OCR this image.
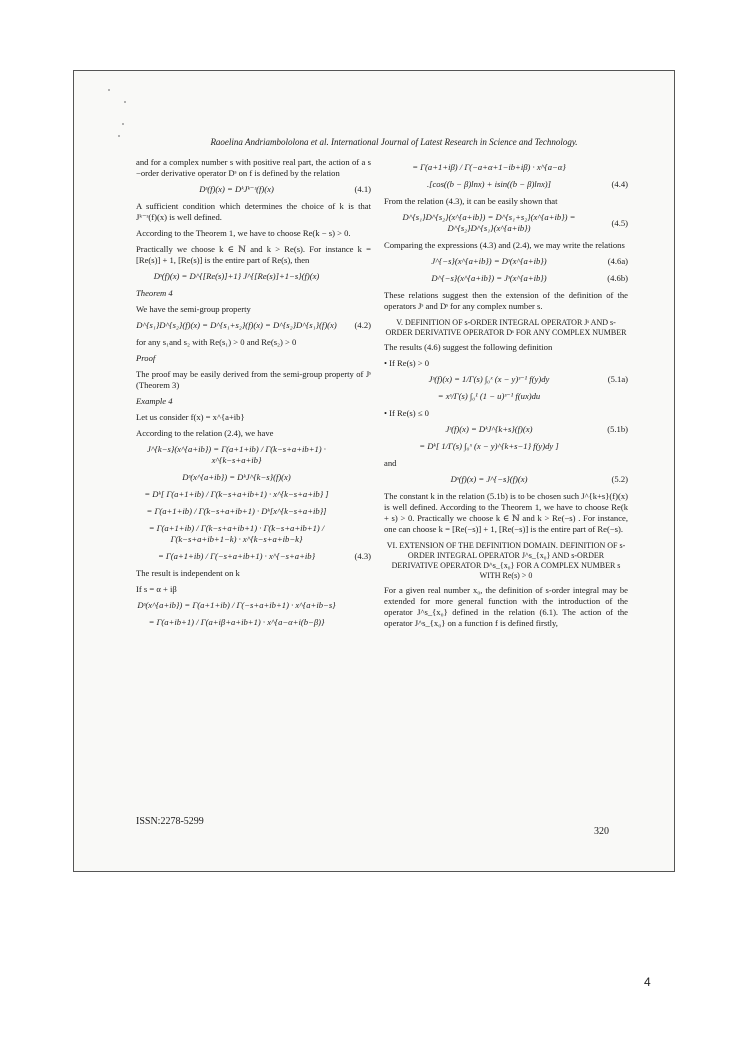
Raoelina Andriambololona et al. International Journal of Latest Research in Science and Technology.

and for a complex number s with positive real part, the action of a s −order derivative operator Dˢ on f is defined by the relation

Dˢ(f)(x) = DᵏJᵏ⁻ˢ(f)(x)	(4.1)

A sufficient condition which determines the choice of k is that Jᵏ⁻ˢ(f)(x) is well defined.

According to the Theorem 1, we have to choose Re(k − s) > 0.

Practically we choose k ∈ ℕ and k > Re(s). For instance k = [Re(s)] + 1, [Re(s)] is the entire part of Re(s), then

Dˢ(f)(x) = D^{[Re(s)]+1} J^{[Re(s)]+1−s}(f)(x)

Theorem 4

We have the semi-group property

D^{s₁}D^{s₂}(f)(x) = D^{s₁+s₂}(f)(x) = D^{s₂}D^{s₁}(f)(x)	(4.2)

for any s₁and s₂ with Re(s₁) > 0 and Re(s₂) > 0

Proof

The proof may be easily derived from the semi-group property of Jˢ (Theorem 3)

Example 4

Let us consider f(x) = x^{a+ib}

According to the relation (2.4), we have

J^{k−s}(x^{a+ib}) = Γ(a+1+ib) / Γ(k−s+a+ib+1) · x^{k−s+a+ib}
Dˢ(x^{a+ib}) = DᵏJ^{k−s}(f)(x)
= Dᵏ[ Γ(a+1+ib) / Γ(k−s+a+ib+1) · x^{k−s+a+ib} ]
= Γ(a+1+ib) / Γ(k−s+a+ib+1) · Dᵏ[x^{k−s+a+ib}]
= Γ(a+1+ib) / Γ(k−s+a+ib+1) · Γ(k−s+a+ib+1) / Γ(k−s+a+ib+1−k) · x^{k−s+a+ib−k}
= Γ(a+1+ib) / Γ(−s+a+ib+1) · x^{−s+a+ib}	(4.3)

The result is independent on k

If s = α + iβ

Dˢ(x^{a+ib}) = Γ(a+1+ib) / Γ(−s+a+ib+1) · x^{a+ib−s}
= Γ(a+ib+1) / Γ(a+iβ+a+ib+1) · x^{a−α+i(b−β)}
= Γ(a+1+iβ) / Γ(−a+α+1−ib+iβ) · x^{a−α}
.[cos((b − β)lnx) + isin((b − β)lnx)]	(4.4)

From the relation (4.3), it can be easily shown that

D^{s₁}D^{s₂}(x^{a+ib}) = D^{s₁+s₂}(x^{a+ib}) = D^{s₂}D^{s₁}(x^{a+ib})
(4.5)

Comparing the expressions (4.3) and (2.4), we may write the relations

J^{−s}(x^{a+ib}) = Dˢ(x^{a+ib})	(4.6a)
D^{−s}(x^{a+ib}) = Jˢ(x^{a+ib})	(4.6b)

These relations suggest then the extension of the definition of the operators Jˢ and Dˢ for any complex number s.

V. DEFINITION OF s-ORDER INTEGRAL OPERATOR Jˢ AND s-ORDER DERIVATIVE OPERATOR Dˢ FOR ANY COMPLEX NUMBER

The results (4.6) suggest the following definition

• If Re(s) > 0

Jˢ(f)(x) = 1/Γ(s) ∫₀ˣ (x − y)ˢ⁻¹ f(y)dy	(5.1a)
= xˢ/Γ(s) ∫₀¹ (1 − u)ˢ⁻¹ f(ux)du

• If Re(s) ≤ 0

Jˢ(f)(x) = DᵏJ^{k+s}(f)(x)	(5.1b)
= Dᵏ[ 1/Γ(s) ∫₀ˣ (x − y)^{k+s−1} f(y)dy ]

and

Dˢ(f)(x) = J^{−s}(f)(x)	(5.2)

The constant k in the relation (5.1b) is to be chosen such J^{k+s}(f)(x) is well defined. According to the Theorem 1, we have to choose Re(k + s) > 0. Practically we choose k ∈ ℕ and k > Re(−s) . For instance, one can choose k = [Re(−s)] + 1, [Re(−s)] is the entire part of Re(−s).

VI. EXTENSION OF THE DEFINITION DOMAIN. DEFINITION OF s-ORDER INTEGRAL OPERATOR J^s_{x₀} AND s-ORDER DERIVATIVE OPERATOR D^s_{x₀} FOR A COMPLEX NUMBER s WITH Re(s) > 0

For a given real number x₀, the definition of s-order integral may be extended for more general function with the introduction of the operator J^s_{x₀} defined in the relation (6.1). The action of the operator J^s_{x₀} on a function f is defined firstly,

ISSN:2278-5299
320
4
